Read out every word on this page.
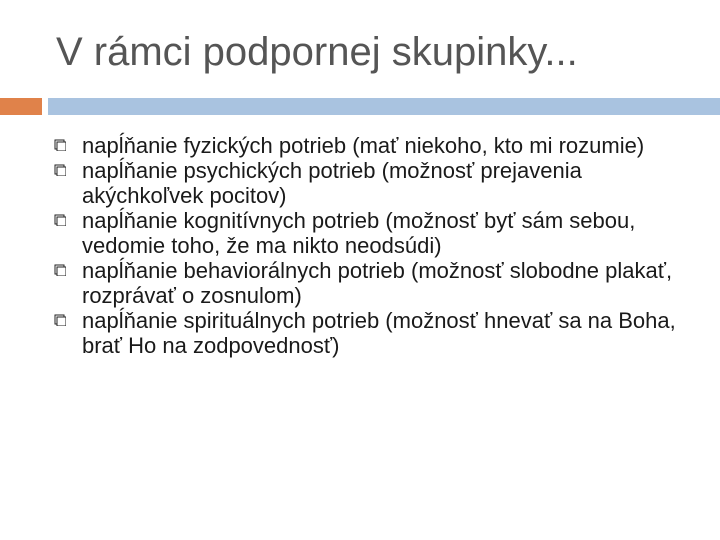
V rámci podpornej skupinky...
napĺňanie fyzických potrieb (mať niekoho, kto mi rozumie)
napĺňanie psychických potrieb (možnosť prejavenia akýchkoľvek pocitov)
napĺňanie kognitívnych potrieb (možnosť byť sám sebou, vedomie toho, že ma nikto neodsúdi)
napĺňanie behaviorálnych potrieb (možnosť slobodne plakať, rozprávať o zosnulom)
napĺňanie spirituálnych potrieb (možnosť hnevať sa na Boha, brať Ho na zodpovednosť)
